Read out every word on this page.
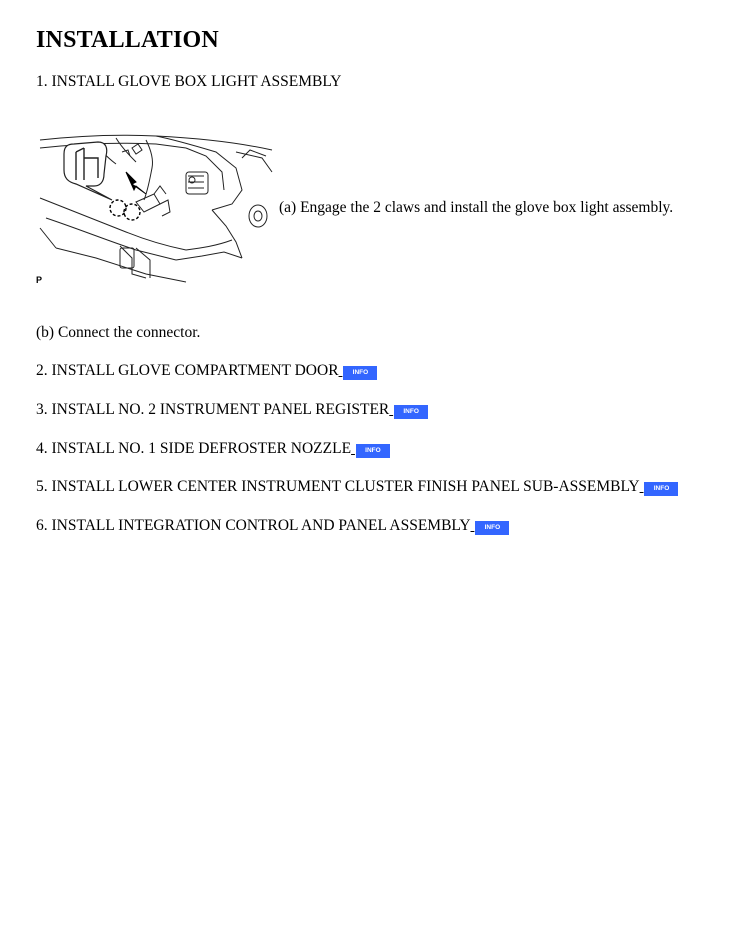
INSTALLATION
1. INSTALL GLOVE BOX LIGHT ASSEMBLY
P
(a) Engage the 2 claws and install the glove box light assembly.
(b) Connect the connector.
2. INSTALL GLOVE COMPARTMENT DOOR INFO
3. INSTALL NO. 2 INSTRUMENT PANEL REGISTER INFO
4. INSTALL NO. 1 SIDE DEFROSTER NOZZLE INFO
5. INSTALL LOWER CENTER INSTRUMENT CLUSTER FINISH PANEL SUB-ASSEMBLY INFO
6. INSTALL INTEGRATION CONTROL AND PANEL ASSEMBLY INFO
